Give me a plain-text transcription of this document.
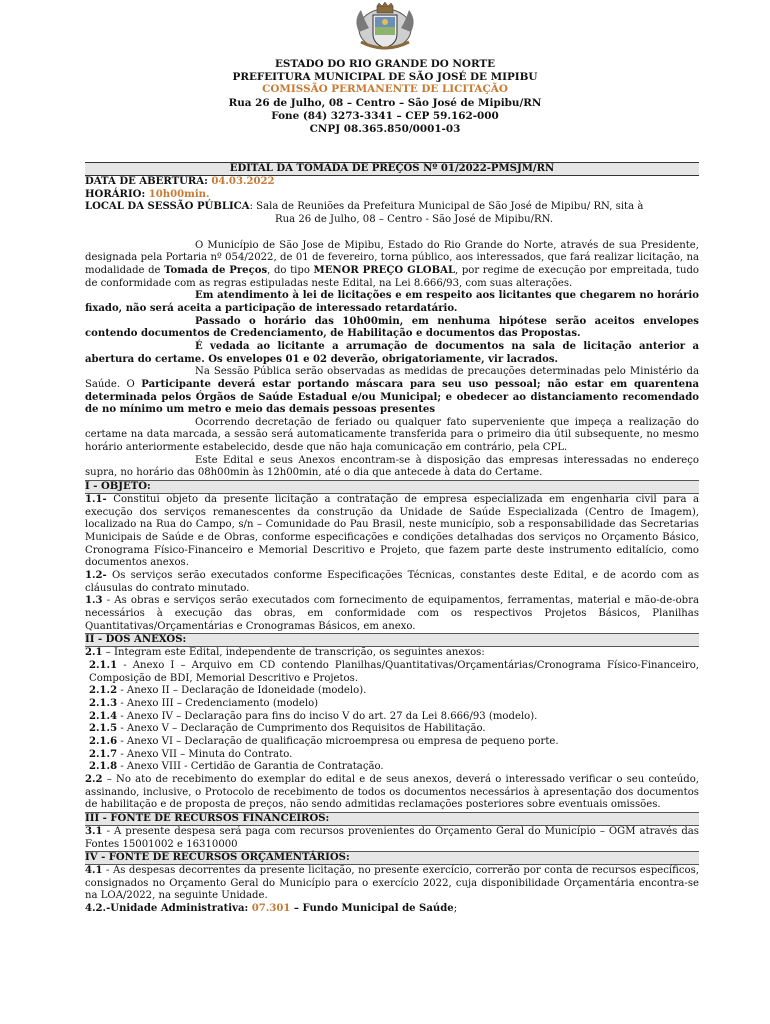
ESTADO DO RIO GRANDE DO NORTE
PREFEITURA MUNICIPAL DE SÃO JOSÉ DE MIPIBU
COMISSÃO PERMANENTE DE LICITAÇÃO
Rua 26 de Julho, 08 – Centro – São José de Mipibu/RN
Fone (84) 3273-3341 – CEP 59.162-000
CNPJ 08.365.850/0001-03
EDITAL DA TOMADA DE PREÇOS Nº 01/2022-PMSJM/RN

DATA DE ABERTURA: 04.03.2022

HORÁRIO: 10h00min.

LOCAL DA SESSÃO PÚBLICA: Sala de Reuniões da Prefeitura Municipal de São José de Mipibu/ RN, sita à

Rua 26 de Julho, 08 – Centro - São José de Mipibu/RN.

O Município de São Jose de Mipibu, Estado do Rio Grande do Norte, através de sua Presidente, designada pela Portaria nº 054/2022, de 01 de fevereiro, torna público, aos interessados, que fará realizar licitação, na modalidade de Tomada de Preços, do tipo MENOR PREÇO GLOBAL, por regime de execução por empreitada, tudo de conformidade com as regras estipuladas neste Edital, na Lei 8.666/93, com suas alterações.

Em atendimento à lei de licitações e em respeito aos licitantes que chegarem no horário fixado, não será aceita a participação de interessado retardatário.

Passado o horário das 10h00min, em nenhuma hipótese serão aceitos envelopes contendo documentos de Credenciamento, de Habilitação e documentos das Propostas.

É vedada ao licitante a arrumação de documentos na sala de licitação anterior a abertura do certame. Os envelopes 01 e 02 deverão, obrigatoriamente, vir lacrados.

Na Sessão Pública serão observadas as medidas de precauções determinadas pelo Ministério da Saúde. O Participante deverá estar portando máscara para seu uso pessoal; não estar em quarentena determinada pelos Órgãos de Saúde Estadual e/ou Municipal; e obedecer ao distanciamento recomendado de no mínimo um metro e meio das demais pessoas presentes

Ocorrendo decretação de feriado ou qualquer fato superveniente que impeça a realização do certame na data marcada, a sessão será automaticamente transferida para o primeiro dia útil subsequente, no mesmo horário anteriormente estabelecido, desde que não haja comunicação em contrário, pela CPL.

Este Edital e seus Anexos encontram-se à disposição das empresas interessadas no endereço supra, no horário das 08h00min às 12h00min, até o dia que antecede à data do Certame.

I - OBJETO:

1.1- Constitui objeto da presente licitação a contratação de empresa especializada em engenharia civil para a execução dos serviços remanescentes da construção da Unidade de Saúde Especializada (Centro de Imagem), localizado na Rua do Campo, s/n – Comunidade do Pau Brasil, neste município, sob a responsabilidade das Secretarias Municipais de Saúde e de Obras, conforme especificações e condições detalhadas dos serviços no Orçamento Básico, Cronograma Físico-Financeiro e Memorial Descritivo e Projeto, que fazem parte deste instrumento editalício, como documentos anexos.

1.2- Os serviços serão executados conforme Especificações Técnicas, constantes deste Edital, e de acordo com as cláusulas do contrato minutado.

1.3 - As obras e serviços serão executados com fornecimento de equipamentos, ferramentas, material e mão-de-obra necessários à execução das obras, em conformidade com os respectivos Projetos Básicos, Planilhas Quantitativas/Orçamentárias e Cronogramas Básicos, em anexo.

II - DOS ANEXOS:

2.1 – Integram este Edital, independente de transcrição, os seguintes anexos:

2.1.1 - Anexo I – Arquivo em CD contendo Planilhas/Quantitativas/Orçamentárias/Cronograma Físico-Financeiro, Composição de BDI, Memorial Descritivo e Projetos.

2.1.2 - Anexo II – Declaração de Idoneidade (modelo).

2.1.3 - Anexo III – Credenciamento (modelo)

2.1.4 - Anexo IV – Declaração para fins do inciso V do art. 27 da Lei 8.666/93 (modelo).

2.1.5 - Anexo V – Declaração de Cumprimento dos Requisitos de Habilitação.

2.1.6 - Anexo VI – Declaração de qualificação microempresa ou empresa de pequeno porte.

2.1.7 - Anexo VII – Minuta do Contrato.

2.1.8 - Anexo VIII - Certidão de Garantia de Contratação.

2.2 – No ato de recebimento do exemplar do edital e de seus anexos, deverá o interessado verificar o seu conteúdo, assinando, inclusive, o Protocolo de recebimento de todos os documentos necessários à apresentação dos documentos de habilitação e de proposta de preços, não sendo admitidas reclamações posteriores sobre eventuais omissões.

III - FONTE DE RECURSOS FINANCEIROS:

3.1 - A presente despesa será paga com recursos provenientes do Orçamento Geral do Município – OGM através das Fontes 15001002 e 16310000

IV - FONTE DE RECURSOS ORÇAMENTÁRIOS:

4.1 - As despesas decorrentes da presente licitação, no presente exercício, correrão por conta de recursos específicos, consignados no Orçamento Geral do Município para o exercício 2022, cuja disponibilidade Orçamentária encontra-se na LOA/2022, na seguinte Unidade.

4.2.-Unidade Administrativa: 07.301 – Fundo Municipal de Saúde;
